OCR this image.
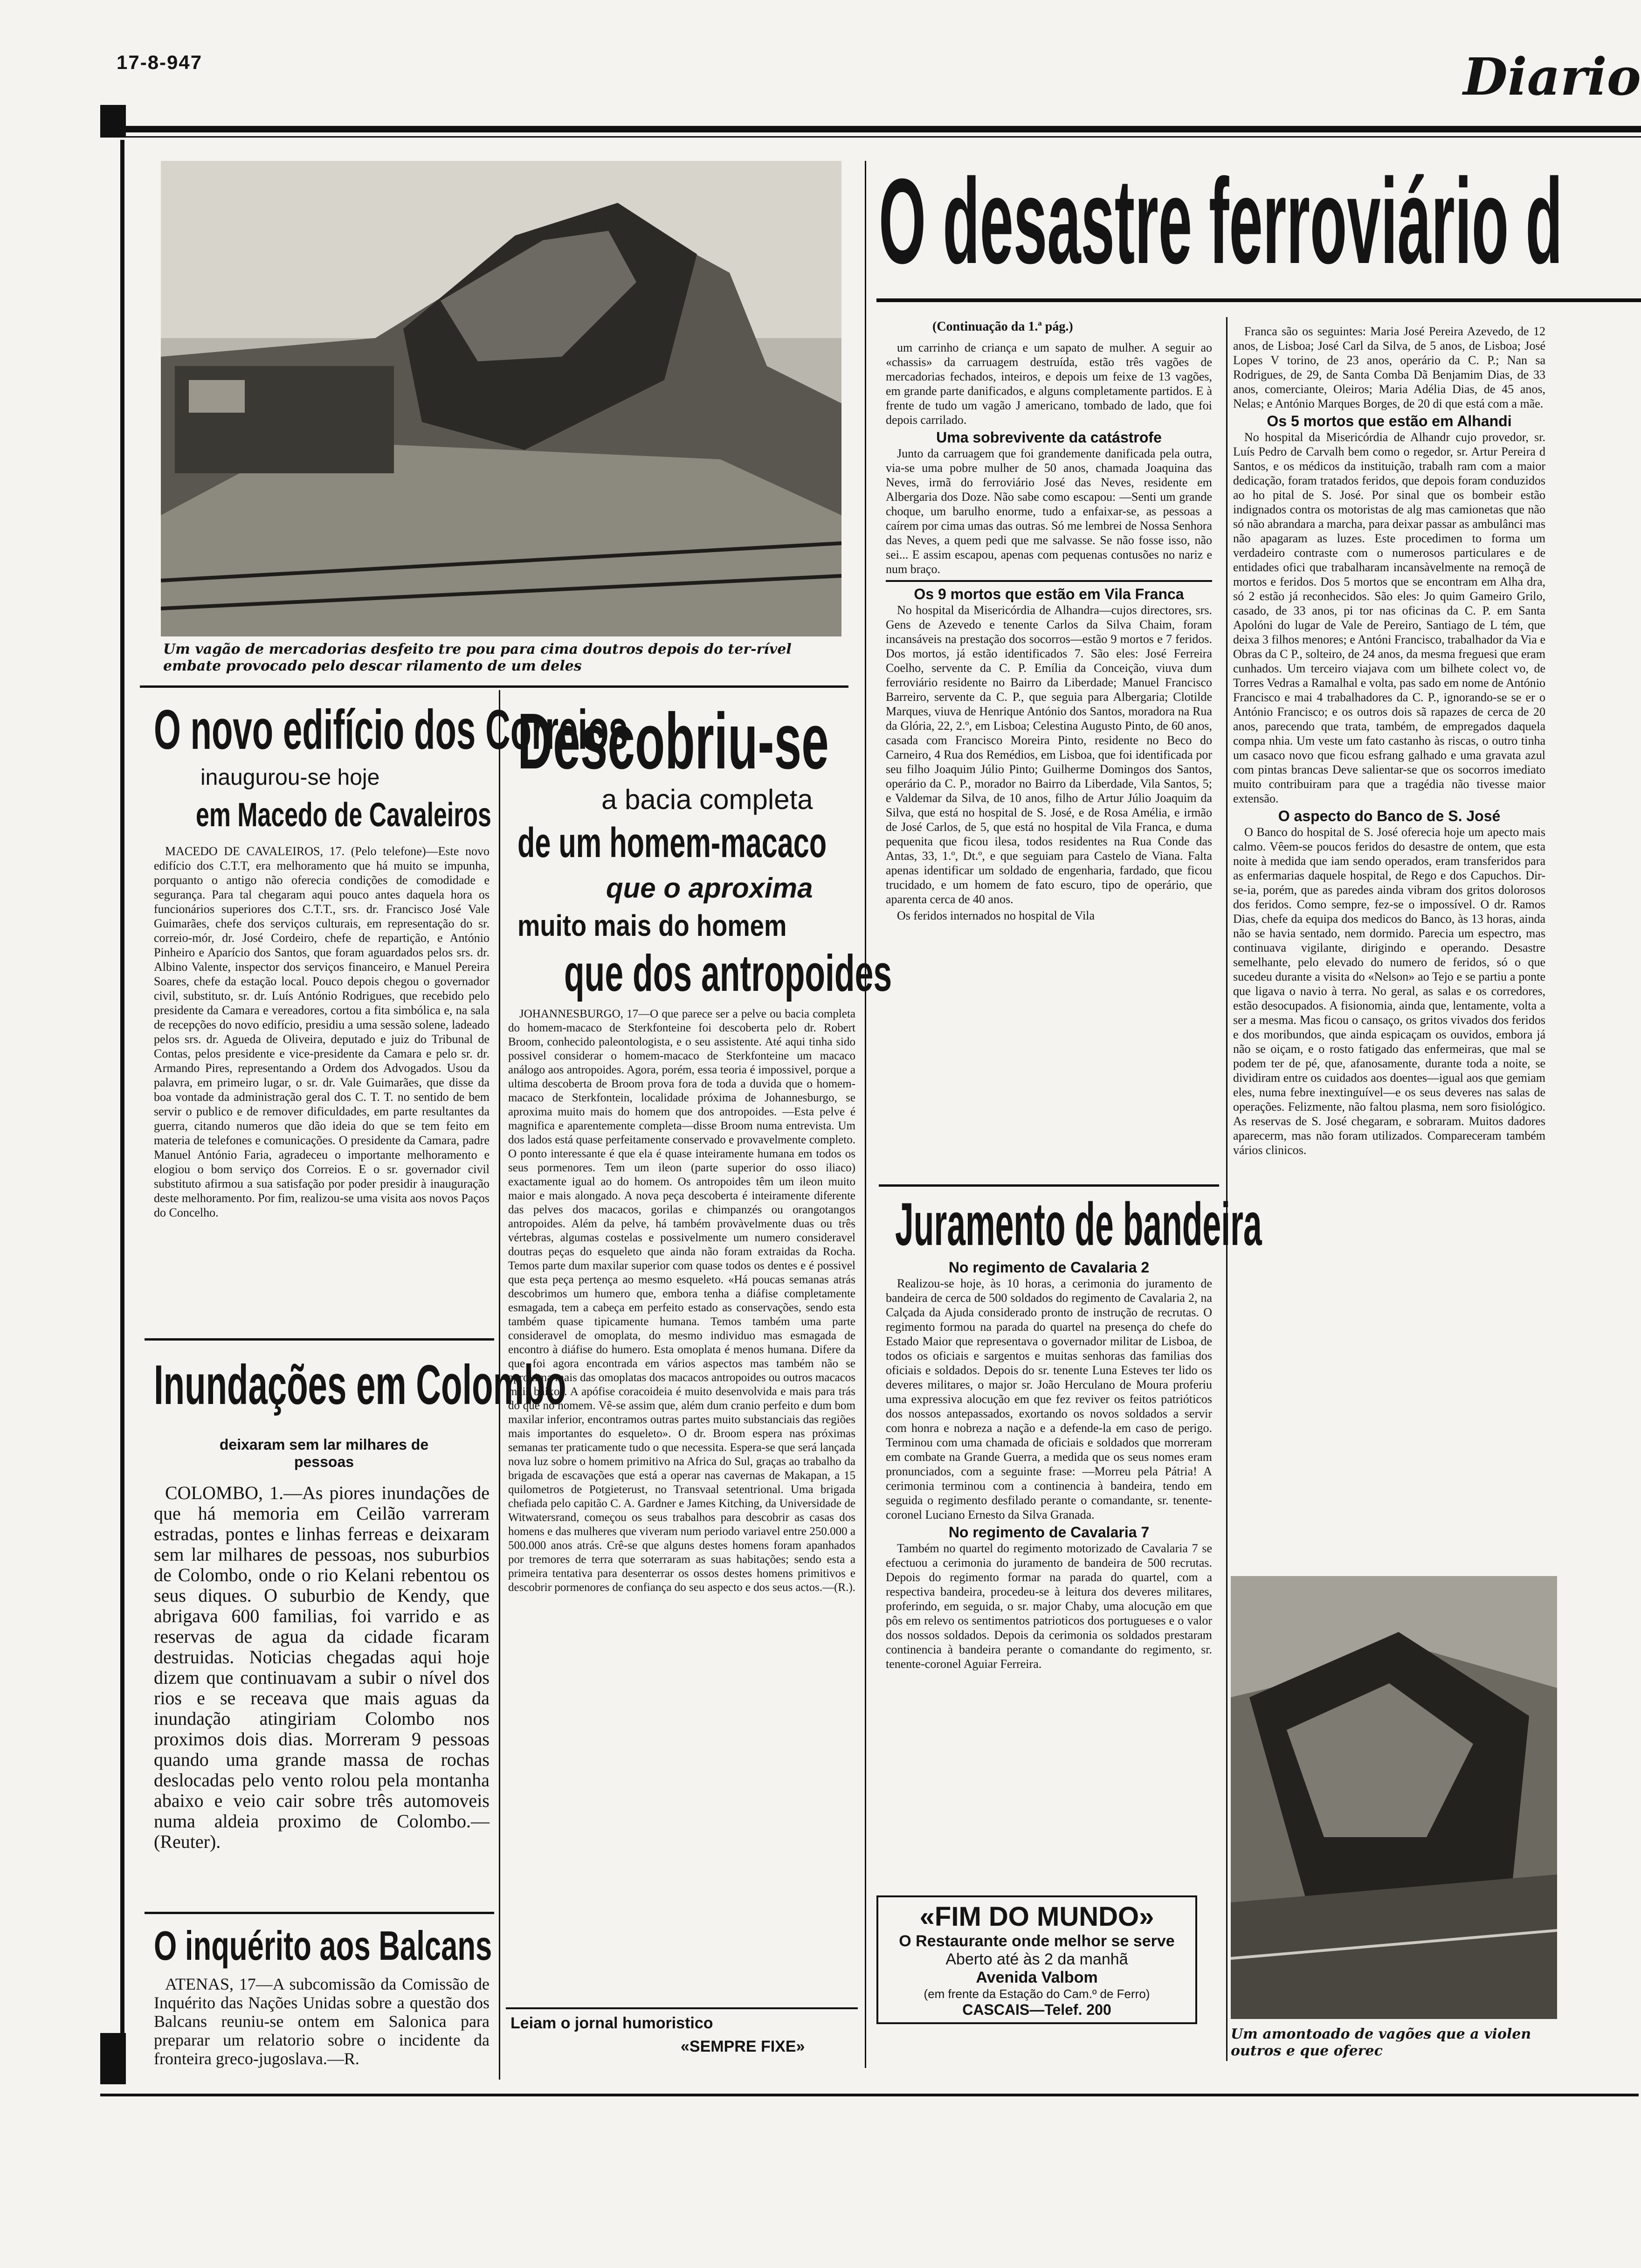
17-8-947	Diario
Um vagão de mercadorias desfeito tre pou para cima doutros depois do ter-rível embate provocado pelo descar rilamento de um deles
O desastre ferroviário d
(Continuação da 1.ª pág.)

um carrinho de criança e um sapato de mulher. A seguir ao «chassis» da carruagem destruída, estão três vagões de mercadorias fechados, inteiros, e depois um feixe de 13 vagões, em grande parte danificados, e alguns completamente partidos. E à frente de tudo um vagão J americano, tombado de lado, que foi depois carrilado.

Uma sobrevivente da catástrofe

Junto da carruagem que foi grandemente danificada pela outra, via-se uma pobre mulher de 50 anos, chamada Joaquina das Neves, irmã do ferroviário José das Neves, residente em Albergaria dos Doze. Não sabe como escapou: —Senti um grande choque, um barulho enorme, tudo a enfaixar-se, as pessoas a caírem por cima umas das outras. Só me lembrei de Nossa Senhora das Neves, a quem pedi que me salvasse. Se não fosse isso, não sei... E assim escapou, apenas com pequenas contusões no nariz e num braço.

Os 9 mortos que estão em Vila Franca

No hospital da Misericórdia de Alhandra—cujos directores, srs. Gens de Azevedo e tenente Carlos da Silva Chaim, foram incansáveis na prestação dos socorros—estão 9 mortos e 7 feridos. Dos mortos, já estão identificados 7. São eles: José Ferreira Coelho, servente da C. P. Emília da Conceição, viuva dum ferroviário residente no Bairro da Liberdade; Manuel Francisco Barreiro, servente da C. P., que seguia para Albergaria; Clotilde Marques, viuva de Henrique António dos Santos, moradora na Rua da Glória, 22, 2.º, em Lisboa; Celestina Augusto Pinto, de 60 anos, casada com Francisco Moreira Pinto, residente no Beco do Carneiro, 4 Rua dos Remédios, em Lisboa, que foi identificada por seu filho Joaquim Júlio Pinto; Guilherme Domingos dos Santos, operário da C. P., morador no Bairro da Liberdade, Vila Santos, 5; e Valdemar da Silva, de 10 anos, filho de Artur Júlio Joaquim da Silva, que está no hospital de S. José, e de Rosa Amélia, e irmão de José Carlos, de 5, que está no hospital de Vila Franca, e duma pequenita que ficou ilesa, todos residentes na Rua Conde das Antas, 33, 1.º, Dt.º, e que seguiam para Castelo de Viana. Falta apenas identificar um soldado de engenharia, fardado, que ficou trucidado, e um homem de fato escuro, tipo de operário, que aparenta cerca de 40 anos.

Os feridos internados no hospital de Vila

Franca são os seguintes: Maria José Pereira Azevedo, de 12 anos, de Lisboa; José Carl da Silva, de 5 anos, de Lisboa; José Lopes V torino, de 23 anos, operário da C. P.; Nan sa Rodrigues, de 29, de Santa Comba Dã Benjamim Dias, de 33 anos, comerciante, Oleiros; Maria Adélia Dias, de 45 anos, Nelas; e António Marques Borges, de 20 di que está com a mãe.

Os 5 mortos que estão em Alhandi

No hospital da Misericórdia de Alhandr cujo provedor, sr. Luís Pedro de Carvalh bem como o regedor, sr. Artur Pereira d Santos, e os médicos da instituição, trabalh ram com a maior dedicação, foram tratados feridos, que depois foram conduzidos ao ho pital de S. José. Por sinal que os bombeir estão indignados contra os motoristas de alg mas camionetas que não só não abrandara a marcha, para deixar passar as ambulânci mas não apagaram as luzes. Este procedimen to forma um verdadeiro contraste com o numerosos particulares e de entidades ofici que trabalharam incansàvelmente na remoçã de mortos e feridos. Dos 5 mortos que se encontram em Alha dra, só 2 estão já reconhecidos. São eles: Jo quim Gameiro Grilo, casado, de 33 anos, pi tor nas oficinas da C. P. em Santa Apolóni do lugar de Vale de Pereiro, Santiago de L tém, que deixa 3 filhos menores; e Antóni Francisco, trabalhador da Via e Obras da C P., solteiro, de 24 anos, da mesma freguesi que eram cunhados. Um terceiro viajava com um bilhete colect vo, de Torres Vedras a Ramalhal e volta, pas sado em nome de António Francisco e mai 4 trabalhadores da C. P., ignorando-se se er o António Francisco; e os outros dois sã rapazes de cerca de 20 anos, parecendo que trata, também, de empregados daquela compa nhia. Um veste um fato castanho às riscas, o outro tinha um casaco novo que ficou esfrang galhado e uma gravata azul com pintas brancas Deve salientar-se que os socorros imediato muito contribuiram para que a tragédia não tivesse maior extensão.

O aspecto do Banco de S. José

O Banco do hospital de S. José oferecia hoje um apecto mais calmo. Vêem-se poucos feridos do desastre de ontem, que esta noite à medida que iam sendo operados, eram transferidos para as enfermarias daquele hospital, de Rego e dos Capuchos. Dir-se-ia, porém, que as paredes ainda vibram dos gritos dolorosos dos feridos. Como sempre, fez-se o impossível. O dr. Ramos Dias, chefe da equipa dos medicos do Banco, às 13 horas, ainda não se havia sentado, nem dormido. Parecia um espectro, mas continuava vigilante, dirigindo e operando. Desastre semelhante, pelo elevado do numero de feridos, só o que sucedeu durante a visita do «Nelson» ao Tejo e se partiu a ponte que ligava o navio à terra. No geral, as salas e os corredores, estão desocupados. A fisionomia, ainda que, lentamente, volta a ser a mesma. Mas ficou o cansaço, os gritos vivados dos feridos e dos moribundos, que ainda espicaçam os ouvidos, embora já não se oiçam, e o rosto fatigado das enfermeiras, que mal se podem ter de pé, que, afanosamente, durante toda a noite, se dividiram entre os cuidados aos doentes—igual aos que gemiam eles, numa febre inextinguível—e os seus deveres nas salas de operações. Felizmente, não faltou plasma, nem soro fisiológico. As reservas de S. José chegaram, e sobraram. Muitos dadores aparecerm, mas não foram utilizados. Compareceram também vários clinicos.

Um amontoado de vagões que a violen outros e que oferec
O novo edifício dos Correios
inaugurou-se hoje
em Macedo de Cavaleiros

MACEDO DE CAVALEIROS, 17. (Pelo telefone)—Este novo edifício dos C.T.T, era melhoramento que há muito se impunha, porquanto o antigo não oferecia condições de comodidade e segurança. Para tal chegaram aqui pouco antes daquela hora os funcionários superiores dos C.T.T., srs. dr. Francisco José Vale Guimarães, chefe dos serviços culturais, em representação do sr. correio-mór, dr. José Cordeiro, chefe de repartição, e António Pinheiro e Aparício dos Santos, que foram aguardados pelos srs. dr. Albino Valente, inspector dos serviços financeiro, e Manuel Pereira Soares, chefe da estação local. Pouco depois chegou o governador civil, substituto, sr. dr. Luís António Rodrigues, que recebido pelo presidente da Camara e vereadores, cortou a fita simbólica e, na sala de recepções do novo edifício, presidiu a uma sessão solene, ladeado pelos srs. dr. Agueda de Oliveira, deputado e juiz do Tribunal de Contas, pelos presidente e vice-presidente da Camara e pelo sr. dr. Armando Pires, representando a Ordem dos Advogados. Usou da palavra, em primeiro lugar, o sr. dr. Vale Guimarães, que disse da boa vontade da administração geral dos C. T. T. no sentido de bem servir o publico e de remover dificuldades, em parte resultantes da guerra, citando numeros que dão ideia do que se tem feito em materia de telefones e comunicações. O presidente da Camara, padre Manuel António Faria, agradeceu o importante melhoramento e elogiou o bom serviço dos Correios. E o sr. governador civil substituto afirmou a sua satisfação por poder presidir à inauguração deste melhoramento. Por fim, realizou-se uma visita aos novos Paços do Concelho.

Inundações em Colombo
deixaram sem lar milhares de pessoas

COLOMBO, 1.—As piores inundações de que há memoria em Ceilão varreram estradas, pontes e linhas ferreas e deixaram sem lar milhares de pessoas, nos suburbios de Colombo, onde o rio Kelani rebentou os seus diques. O suburbio de Kendy, que abrigava 600 familias, foi varrido e as reservas de agua da cidade ficaram destruidas. Noticias chegadas aqui hoje dizem que continuavam a subir o nível dos rios e se receava que mais aguas da inundação atingiriam Colombo nos proximos dois dias. Morreram 9 pessoas quando uma grande massa de rochas deslocadas pelo vento rolou pela montanha abaixo e veio cair sobre três automoveis numa aldeia proximo de Colombo.—(Reuter).

O inquérito aos Balcans

ATENAS, 17—A subcomissão da Comissão de Inquérito das Nações Unidas sobre a questão dos Balcans reuniu-se ontem em Salonica para preparar um relatorio sobre o incidente da fronteira greco-jugoslava.—R.

Descobriu-se
a bacia completa
de um homem-macaco
que o aproxima
muito mais do homem
que dos antropoides

JOHANNESBURGO, 17—O que parece ser a pelve ou bacia completa do homem-macaco de Sterkfonteine foi descoberta pelo dr. Robert Broom, conhecido paleontologista, e o seu assistente. Até aqui tinha sido possivel considerar o homem-macaco de Sterkfonteine um macaco análogo aos antropoides. Agora, porém, essa teoria é impossivel, porque a ultima descoberta de Broom prova fora de toda a duvida que o homem-macaco de Sterkfontein, localidade próxima de Johannesburgo, se aproxima muito mais do homem que dos antropoides. —Esta pelve é magnifica e aparentemente completa—disse Broom numa entrevista. Um dos lados está quase perfeitamente conservado e provavelmente completo. O ponto interessante é que ela é quase inteiramente humana em todos os seus pormenores. Tem um ileon (parte superior do osso iliaco) exactamente igual ao do homem. Os antropoides têm um ileon muito maior e mais alongado. A nova peça descoberta é inteiramente diferente das pelves dos macacos, gorilas e chimpanzés ou orangotangos antropoides. Além da pelve, há também provàvelmente duas ou três vértebras, algumas costelas e possivelmente um numero consideravel doutras peças do esqueleto que ainda não foram extraidas da Rocha. Temos parte dum maxilar superior com quase todos os dentes e é possivel que esta peça pertença ao mesmo esqueleto. «Há poucas semanas atrás descobrimos um humero que, embora tenha a diáfise completamente esmagada, tem a cabeça em perfeito estado as conservações, sendo esta também quase tipicamente humana. Temos também uma parte consideravel de omoplata, do mesmo individuo mas esmagada de encontro à diáfise do humero. Esta omoplata é menos humana. Difere da que foi agora encontrada em vários aspectos mas também não se aproxima mais das omoplatas dos macacos antropoides ou outros macacos mais baixos. A apófise coracoideia é muito desenvolvida e mais para trás do que no homem. Vê-se assim que, além dum cranio perfeito e dum bom maxilar inferior, encontramos outras partes muito substanciais das regiões mais importantes do esqueleto». O dr. Broom espera nas próximas semanas ter praticamente tudo o que necessita. Espera-se que será lançada nova luz sobre o homem primitivo na Africa do Sul, graças ao trabalho da brigada de escavações que está a operar nas cavernas de Makapan, a 15 quilometros de Potgieterust, no Transvaal setentrional. Uma brigada chefiada pelo capitão C. A. Gardner e James Kitching, da Universidade de Witwatersrand, começou os seus trabalhos para descobrir as casas dos homens e das mulheres que viveram num periodo variavel entre 250.000 a 500.000 anos atrás. Crê-se que alguns destes homens foram apanhados por tremores de terra que soterraram as suas habitações; sendo esta a primeira tentativa para desenterrar os ossos destes homens primitivos e descobrir pormenores de confiança do seu aspecto e dos seus actos.—(R.).

Leiam o jornal humoristico
«SEMPRE FIXE»
Juramento de bandeira
No regimento de Cavalaria 2

Realizou-se hoje, às 10 horas, a cerimonia do juramento de bandeira de cerca de 500 soldados do regimento de Cavalaria 2, na Calçada da Ajuda considerado pronto de instrução de recrutas. O regimento formou na parada do quartel na presença do chefe do Estado Maior que representava o governador militar de Lisboa, de todos os oficiais e sargentos e muitas senhoras das familias dos oficiais e soldados. Depois do sr. tenente Luna Esteves ter lido os deveres militares, o major sr. João Herculano de Moura proferiu uma expressiva alocução em que fez reviver os feitos patrióticos dos nossos antepassados, exortando os novos soldados a servir com honra e nobreza a nação e a defende-la em caso de perigo. Terminou com uma chamada de oficiais e soldados que morreram em combate na Grande Guerra, a medida que os seus nomes eram pronunciados, com a seguinte frase: —Morreu pela Pátria! A cerimonia terminou com a continencia à bandeira, tendo em seguida o regimento desfilado perante o comandante, sr. tenente-coronel Luciano Ernesto da Silva Granada.

No regimento de Cavalaria 7

Também no quartel do regimento motorizado de Cavalaria 7 se efectuou a cerimonia do juramento de bandeira de 500 recrutas. Depois do regimento formar na parada do quartel, com a respectiva bandeira, procedeu-se à leitura dos deveres militares, proferindo, em seguida, o sr. major Chaby, uma alocução em que pôs em relevo os sentimentos patrioticos dos portugueses e o valor dos nossos soldados. Depois da cerimonia os soldados prestaram continencia à bandeira perante o comandante do regimento, sr. tenente-coronel Aguiar Ferreira.

«FIM DO MUNDO»
O Restaurante onde melhor se serve
Aberto até às 2 da manhã
Avenida Valbom
(em frente da Estação do Cam.º de Ferro)
CASCAIS—Telef. 200
